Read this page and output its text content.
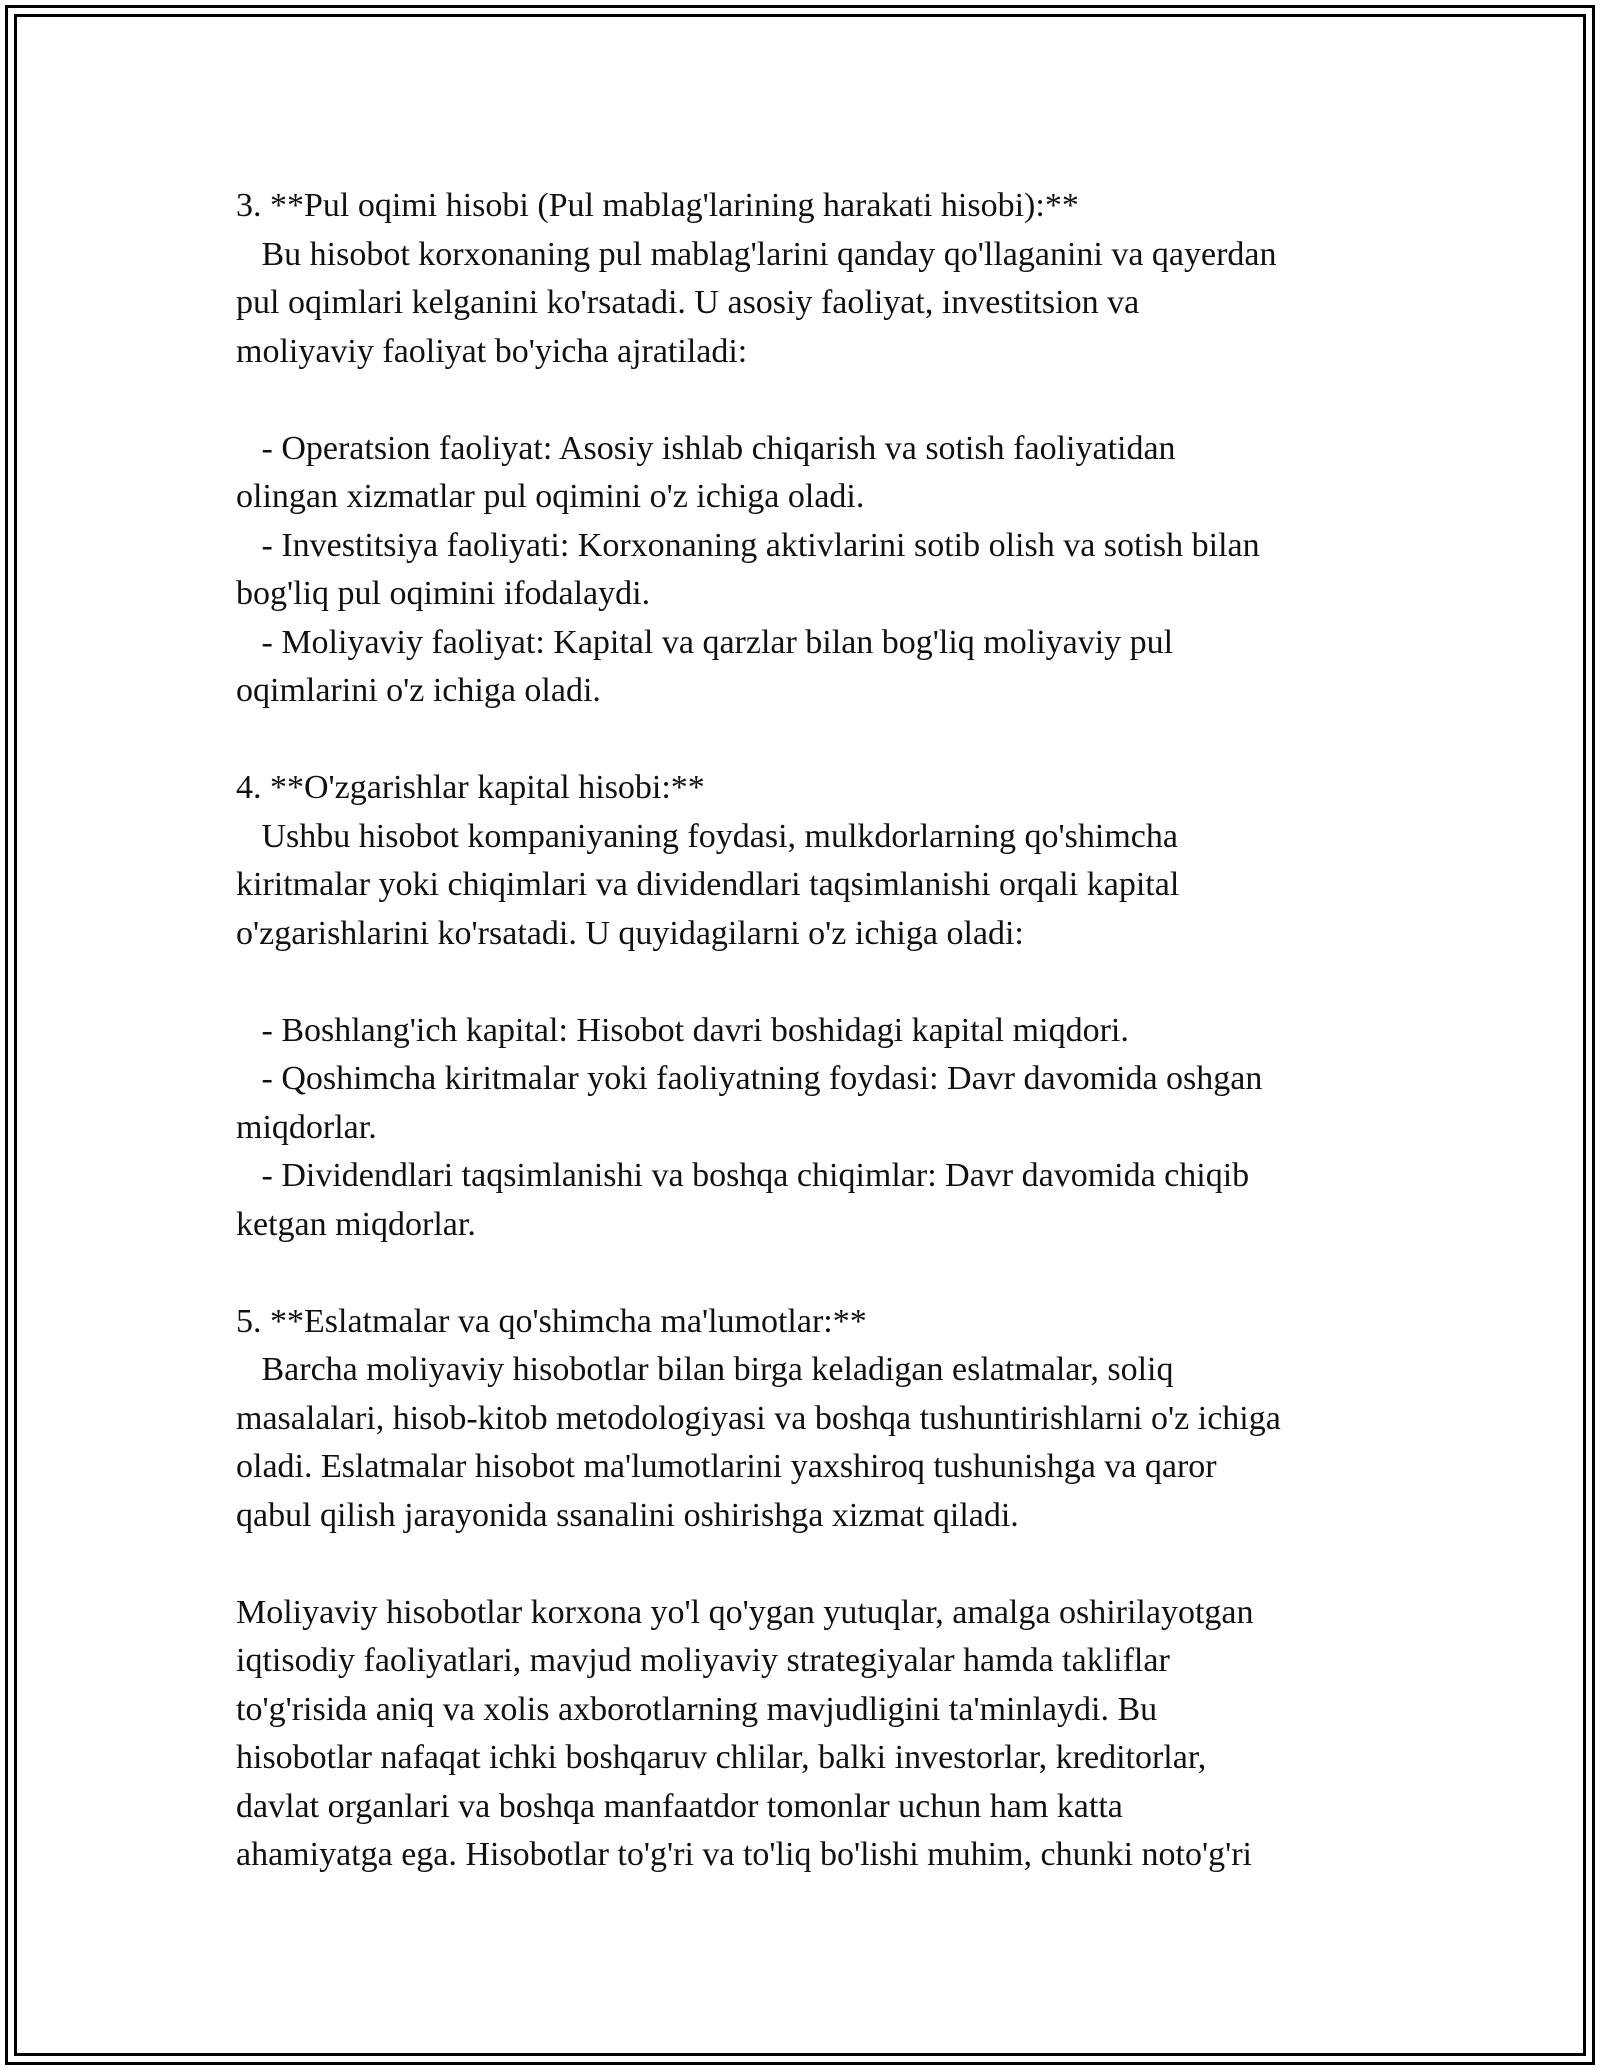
3. **Pul oqimi hisobi (Pul mablag'larining harakati hisobi):**
Bu hisobot korxonaning pul mablag'larini qanday qo'llaganini va qayerdan
pul oqimlari kelganini ko'rsatadi. U asosiy faoliyat, investitsion va
moliyaviy faoliyat bo'yicha ajratiladi:

- Operatsion faoliyat: Asosiy ishlab chiqarish va sotish faoliyatidan
olingan xizmatlar pul oqimini o'z ichiga oladi.
- Investitsiya faoliyati: Korxonaning aktivlarini sotib olish va sotish bilan
bog'liq pul oqimini ifodalaydi.
- Moliyaviy faoliyat: Kapital va qarzlar bilan bog'liq moliyaviy pul
oqimlarini o'z ichiga oladi.

4. **O'zgarishlar kapital hisobi:**
Ushbu hisobot kompaniyaning foydasi, mulkdorlarning qo'shimcha
kiritmalar yoki chiqimlari va dividendlari taqsimlanishi orqali kapital
o'zgarishlarini ko'rsatadi. U quyidagilarni o'z ichiga oladi:

- Boshlang'ich kapital: Hisobot davri boshidagi kapital miqdori.
- Qoshimcha kiritmalar yoki faoliyatning foydasi: Davr davomida oshgan
miqdorlar.
- Dividendlari taqsimlanishi va boshqa chiqimlar: Davr davomida chiqib
ketgan miqdorlar.

5. **Eslatmalar va qo'shimcha ma'lumotlar:**
Barcha moliyaviy hisobotlar bilan birga keladigan eslatmalar, soliq
masalalari, hisob-kitob metodologiyasi va boshqa tushuntirishlarni o'z ichiga
oladi. Eslatmalar hisobot ma'lumotlarini yaxshiroq tushunishga va qaror
qabul qilish jarayonida ssanalini oshirishga xizmat qiladi.

Moliyaviy hisobotlar korxona yo'l qo'ygan yutuqlar, amalga oshirilayotgan
iqtisodiy faoliyatlari, mavjud moliyaviy strategiyalar hamda takliflar
to'g'risida aniq va xolis axborotlarning mavjudligini ta'minlaydi. Bu
hisobotlar nafaqat ichki boshqaruv chlilar, balki investorlar, kreditorlar,
davlat organlari va boshqa manfaatdor tomonlar uchun ham katta
ahamiyatga ega. Hisobotlar to'g'ri va to'liq bo'lishi muhim, chunki noto'g'ri
